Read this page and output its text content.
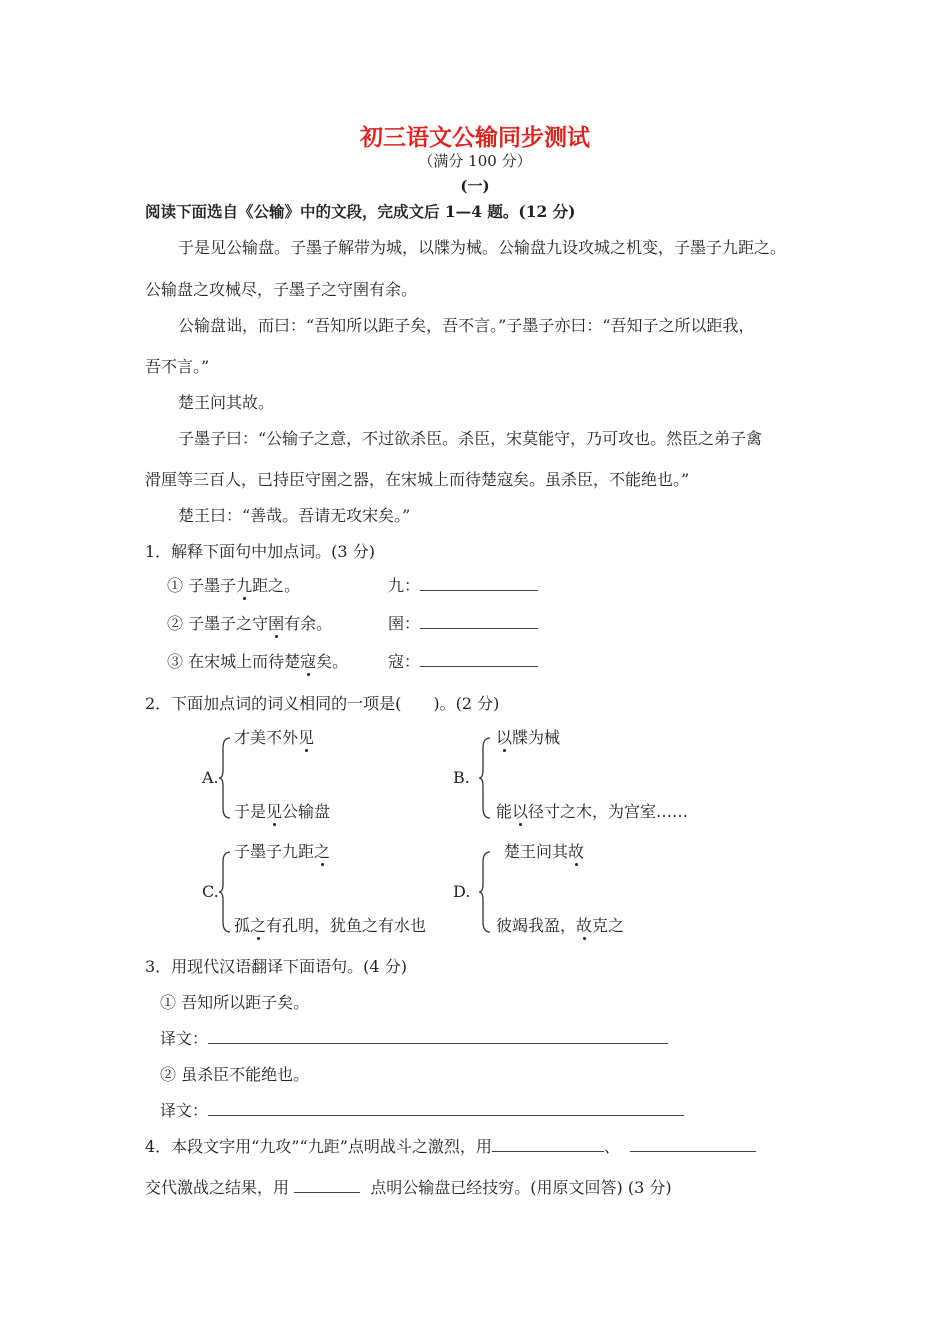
初三语文公输同步测试
（满分 100 分）
(一)
阅读下面选自《公输》中的文段，完成文后 1—4 题。(12 分)
于是见公输盘。子墨子解带为城，以牒为械。公输盘九设攻城之机变，子墨子九距之。
公输盘之攻械尽，子墨子之守圉有余。
公输盘诎，而曰：“吾知所以距子矣，吾不言。”子墨子亦曰：“吾知子之所以距我，
吾不言。”
楚王问其故。
子墨子曰：“公输子之意，不过欲杀臣。杀臣，宋莫能守，乃可攻也。然臣之弟子禽
滑厘等三百人，已持臣守圉之器，在宋城上而待楚寇矣。虽杀臣，不能绝也。”
楚王曰：“善哉。吾请无攻宋矣。”
1．解释下面句中加点词。(3 分)
① 子墨子九距之。	九：
② 子墨子之守圉有余。	圉：
③ 在宋城上而待楚寇矣。 寇：
2．下面加点词的词义相同的一项是(　　)。(2 分)
A.
才美不外见
于是见公输盘
B.
以牒为械
能以径寸之木，为宫室……
C.
子墨子九距之
孤之有孔明，犹鱼之有水也
D.
楚王问其故
彼竭我盈，故克之
3．用现代汉语翻译下面语句。(4 分)
① 吾知所以距子矣。
译文：
② 虽杀臣不能绝也。
译文：
4．本段文字用“九攻”“九距”点明战斗之激烈，用	、
交代激战之结果，用	点明公输盘已经技穷。(用原文回答) (3 分)
